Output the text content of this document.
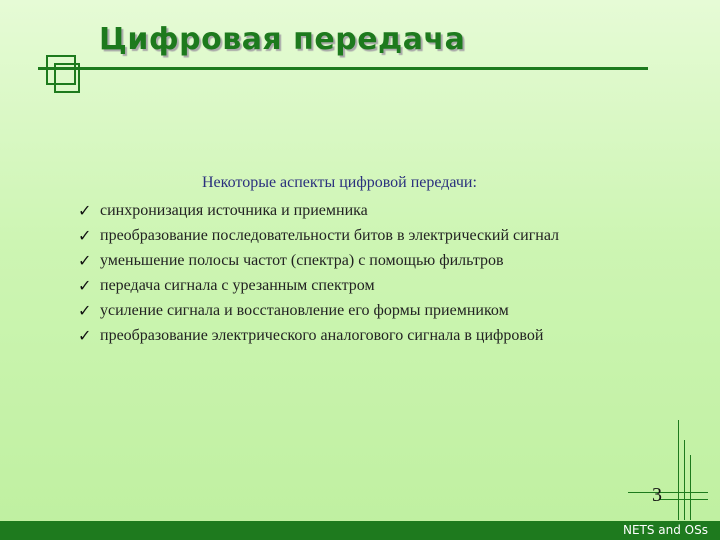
Цифровая передача

Некоторые аспекты цифровой передачи:

✓ синхронизация источника и приемника
✓ преобразование последовательности битов в электрический сигнал
✓ уменьшение полосы частот (спектра) с помощью фильтров
✓ передача сигнала с урезанным спектром
✓ усиление сигнала и восстановление его формы приемником
✓ преобразование электрического аналогового сигнала в цифровой
3
NETS and OSs
